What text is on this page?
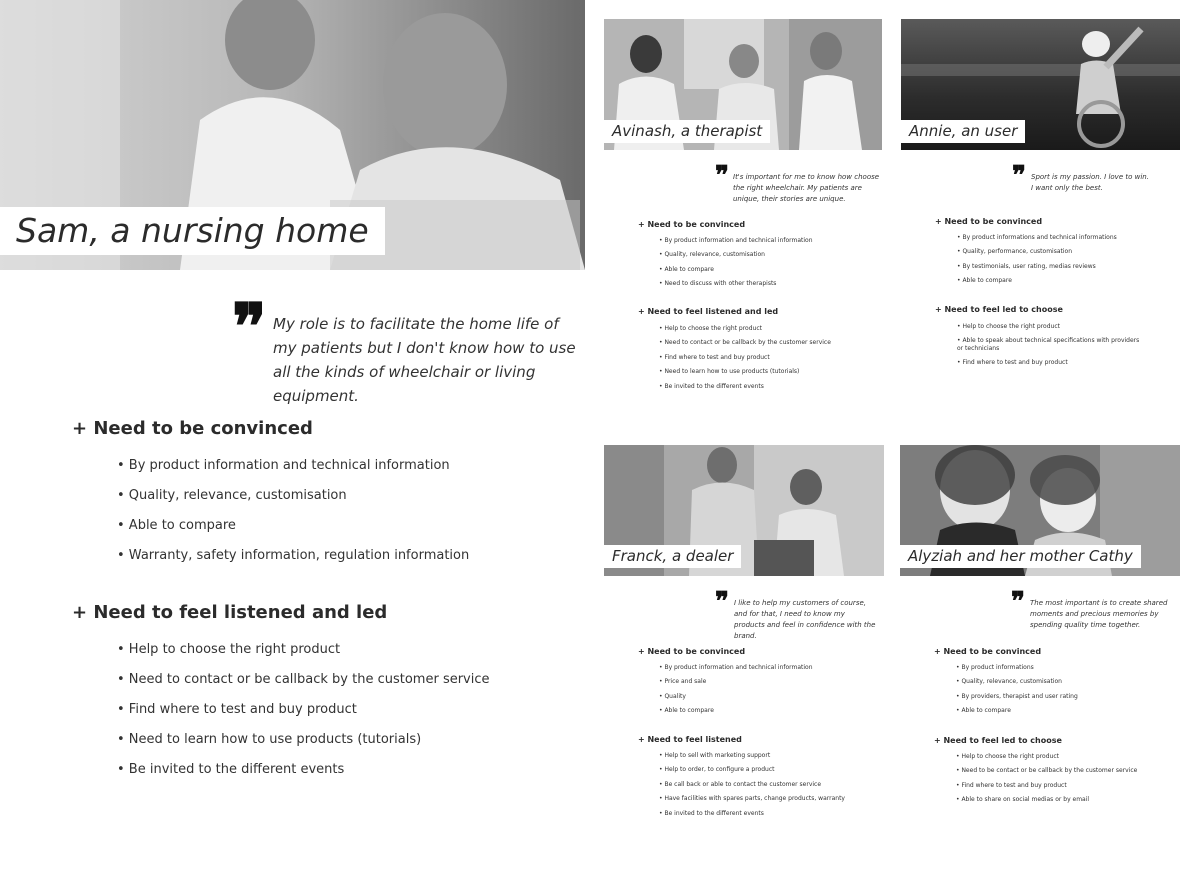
Sam, a nursing home
❞ My role is to facilitate the home life of my patients but I don't know how to use all the kinds of wheelchair or living equipment.
+ Need to be convinced
• By product information and technical information
• Quality, relevance, customisation
• Able to compare
• Warranty, safety information, regulation information
+ Need to feel listened and led
• Help to choose the right product
• Need to contact or be callback by the customer service
• Find where to test and buy product
• Need to learn how to use products (tutorials)
• Be invited to the different events
Avinash, a therapist
❞ It's important for me to know how choose the right wheelchair. My patients are unique, their stories are unique.
+ Need to be convinced
• By product information and technical information
• Quality, relevance, customisation
• Able to compare
• Need to discuss with other therapists
+ Need to feel listened and led
• Help to choose the right product
• Need to contact or be callback by the customer service
• Find where to test and buy product
• Need to learn how to use products (tutorials)
• Be invited to the different events
Annie, an user
❞ Sport is my passion. I love to win. I want only the best.
+ Need to be convinced
• By product informations and technical informations
• Quality, performance, customisation
• By testimonials, user rating, medias reviews
• Able to compare
+ Need to feel led to choose
• Help to choose the right product
• Able to speak about technical specifications with providers or technicians
• Find where to test and buy product
Franck, a dealer
❞ I like to help my customers of course, and for that, I need to know my products and feel in confidence with the brand.
+ Need to be convinced
• By product information and technical information
• Price and sale
• Quality
• Able to compare
+ Need to feel listened
• Help to sell with marketing support
• Help to order, to configure a product
• Be call back or able to contact the customer service
• Have facilities with spares parts, change products, warranty
• Be invited to the different events
Alyziah and her mother Cathy
❞ The most important is to create shared moments and precious memories by spending quality time together.
+ Need to be convinced
• By product informations
• Quality, relevance, customisation
• By providers, therapist and user rating
• Able to compare
+ Need to feel led to choose
• Help to choose the right product
• Need to be contact or be callback by the customer service
• Find where to test and buy product
• Able to share on social medias or by email
